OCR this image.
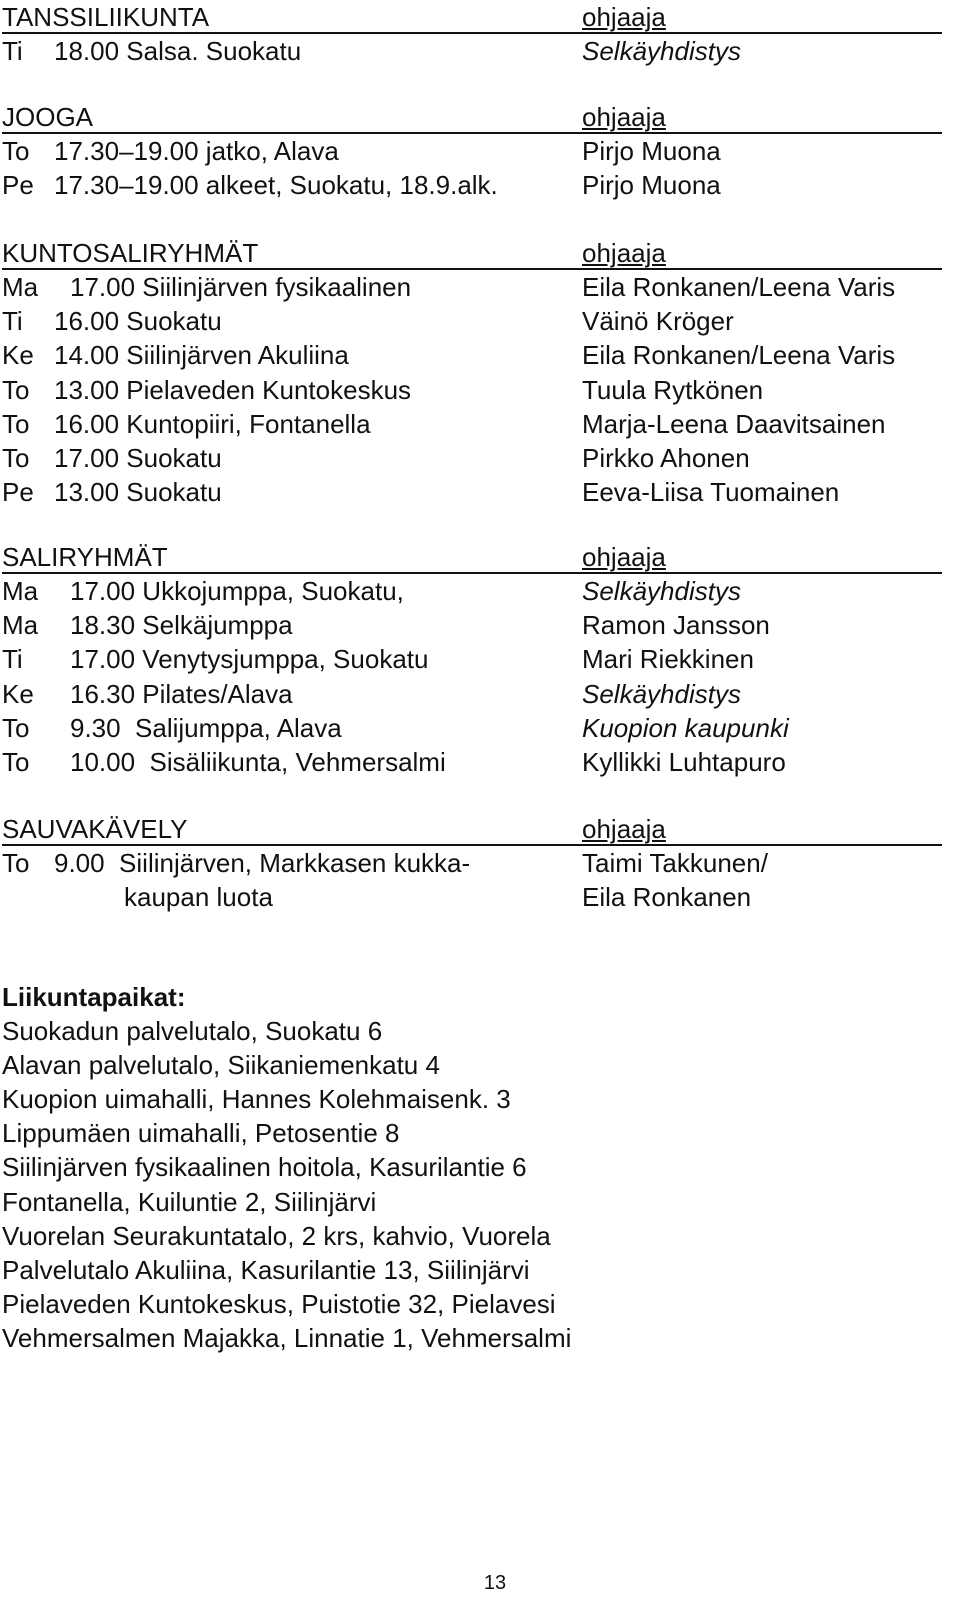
TANSSILIIKUNTA	ohjaaja
Ti 18.00 Salsa. Suokatu	Selkäyhdistys
JOOGA	ohjaaja
To 17.30–19.00 jatko, Alava	Pirjo Muona
Pe 17.30–19.00 alkeet, Suokatu, 18.9.alk.	Pirjo Muona
KUNTOSALIRYHMÄT	ohjaaja
Ma 17.00 Siilinjärven fysikaalinen	Eila Ronkanen/Leena Varis
Ti 16.00 Suokatu	Väinö Kröger
Ke 14.00 Siilinjärven Akuliina	Eila Ronkanen/Leena Varis
To 13.00 Pielaveden Kuntokeskus	Tuula Rytkönen
To 16.00 Kuntopiiri, Fontanella	Marja-Leena Daavitsainen
To 17.00 Suokatu	Pirkko Ahonen
Pe 13.00 Suokatu	Eeva-Liisa Tuomainen
SALIRYHMÄT	ohjaaja
Ma 17.00 Ukkojumppa, Suokatu,	Selkäyhdistys
Ma 18.30 Selkäjumppa	Ramon Jansson
Ti 17.00 Venytysjumppa, Suokatu	Mari Riekkinen
Ke 16.30 Pilates/Alava	Selkäyhdistys
To 9.30  Salijumppa, Alava	Kuopion kaupunki
To 10.00  Sisäliikunta, Vehmersalmi	Kyllikki Luhtapuro
SAUVAKÄVELY	ohjaaja
To 9.00  Siilinjärven, Markkasen kukka-	Taimi Takkunen/
kaupan luota	Eila Ronkanen
Liikuntapaikat:
Suokadun palvelutalo, Suokatu 6
Alavan palvelutalo, Siikaniemenkatu 4
Kuopion uimahalli, Hannes Kolehmaisenk. 3
Lippumäen uimahalli, Petosentie 8
Siilinjärven fysikaalinen hoitola, Kasurilantie 6
Fontanella, Kuiluntie 2, Siilinjärvi
Vuorelan Seurakuntatalo, 2 krs, kahvio, Vuorela
Palvelutalo Akuliina, Kasurilantie 13, Siilinjärvi
Pielaveden Kuntokeskus, Puistotie 32, Pielavesi
Vehmersalmen Majakka, Linnatie 1, Vehmersalmi
13
